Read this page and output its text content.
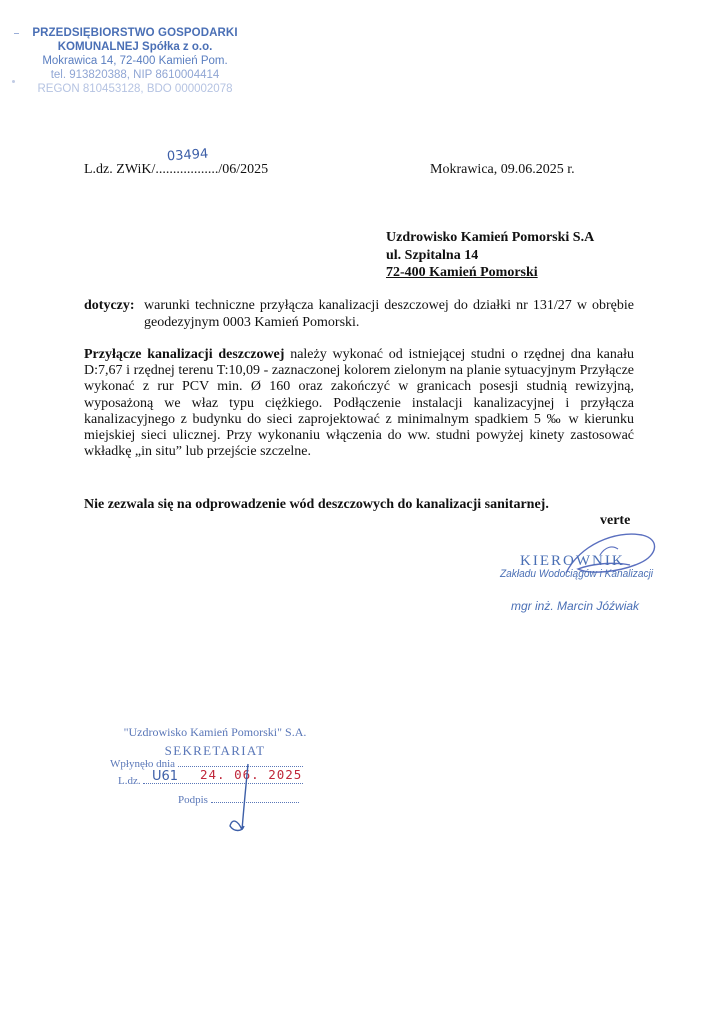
PRZEDSIĘBIORSTWO GOSPODARKI
KOMUNALNEJ Spółka z o.o.
Mokrawica 14, 72-400 Kamień Pom.
tel. 913820388, NIP 8610004414
REGON 810453128, BDO 000002078
L.dz. ZWiK/................../06/2025
03494
Mokrawica, 09.06.2025 r.
Uzdrowisko Kamień Pomorski S.A
ul. Szpitalna 14
72-400 Kamień Pomorski
dotyczy: warunki techniczne przyłącza kanalizacji deszczowej do działki nr 131/27 w obrębie geodezyjnym 0003 Kamień Pomorski.
Przyłącze kanalizacji deszczowej należy wykonać od istniejącej studni o rzędnej dna kanału D:7,67 i rzędnej terenu T:10,09 - zaznaczonej kolorem zielonym na planie sytuacyjnym Przyłącze wykonać z rur PCV min. Ø 160 oraz zakończyć w granicach posesji studnią rewizyjną, wyposażoną we właz typu ciężkiego. Podłączenie instalacji kanalizacyjnej i przyłącza kanalizacyjnego z budynku do sieci zaprojektować z minimalnym spadkiem 5 ‰ w kierunku miejskiej sieci ulicznej. Przy wykonaniu włączenia do ww. studni powyżej kinety zastosować wkładkę „in situ” lub przejście szczelne.
Nie zezwala się na odprowadzenie wód deszczowych do kanalizacji sanitarnej.
verte
KIEROWNIK
Zakładu Wodociągów i Kanalizacji
mgr inż. Marcin Jóźwiak
"Uzdrowisko Kamień Pomorski" S.A.
SEKRETARIAT
Wpłynęło dnia
L.dz. U61 24. 06. 2025
Podpis
